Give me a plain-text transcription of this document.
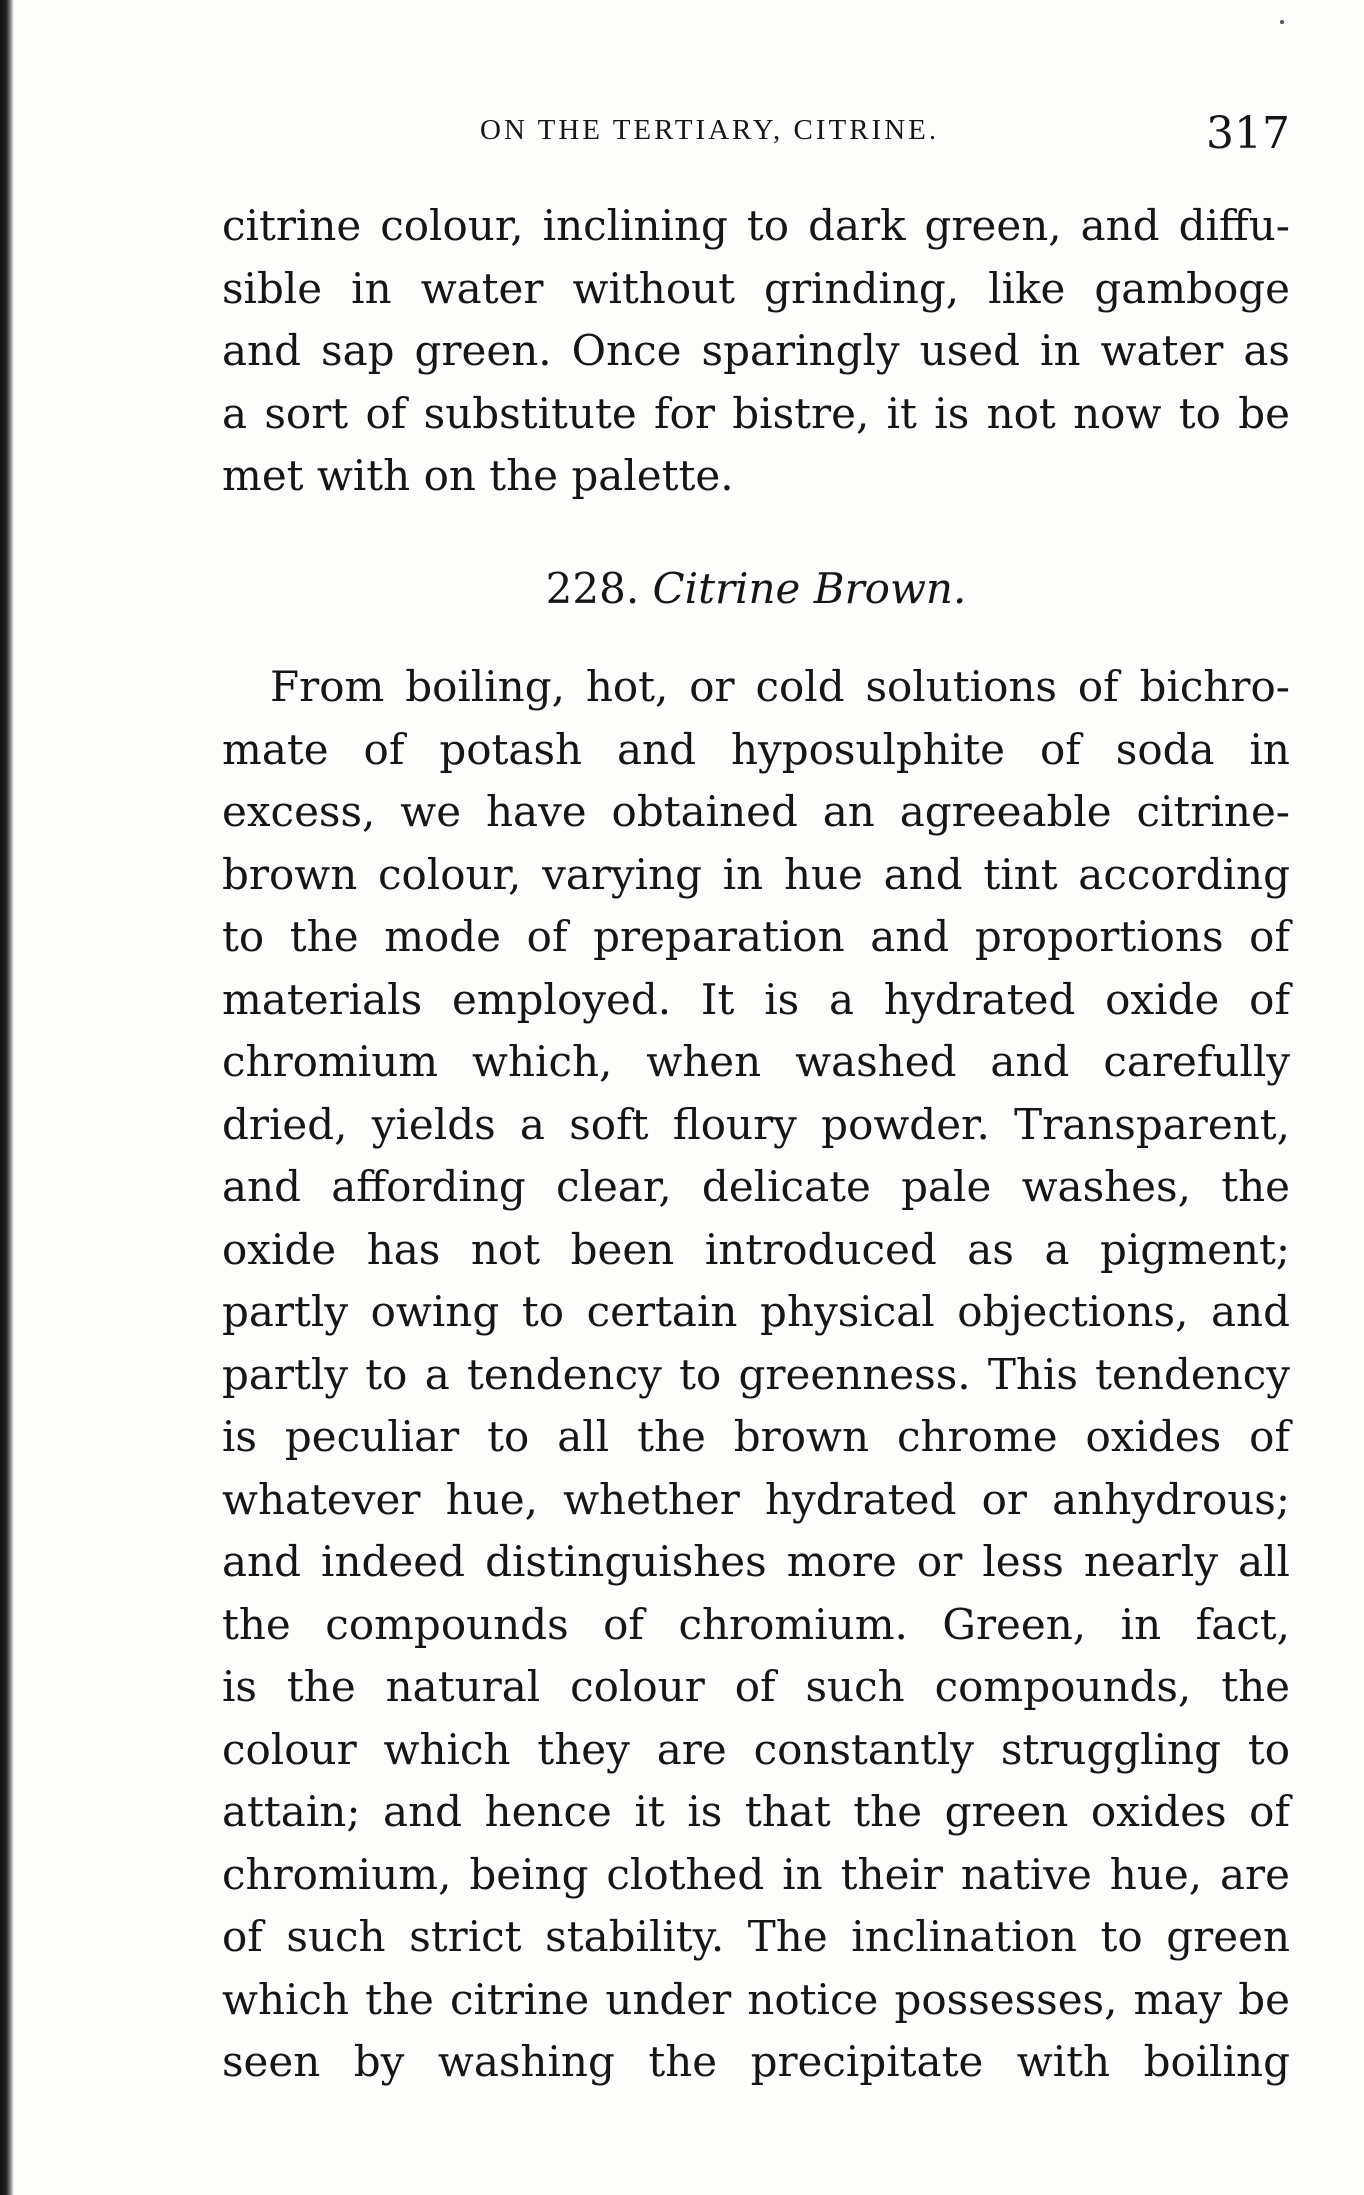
ON THE TERTIARY, CITRINE.	317
citrine colour, inclining to dark green, and diffu-
sible in water without grinding, like gamboge
and sap green. Once sparingly used in water as
a sort of substitute for bistre, it is not now to be
met with on the palette.
228. Citrine Brown.
From boiling, hot, or cold solutions of bichro-
mate of potash and hyposulphite of soda in
excess, we have obtained an agreeable citrine-
brown colour, varying in hue and tint according
to the mode of preparation and proportions of
materials employed. It is a hydrated oxide of
chromium which, when washed and carefully
dried, yields a soft floury powder. Transparent,
and affording clear, delicate pale washes, the
oxide has not been introduced as a pigment;
partly owing to certain physical objections, and
partly to a tendency to greenness. This tendency
is peculiar to all the brown chrome oxides of
whatever hue, whether hydrated or anhydrous;
and indeed distinguishes more or less nearly all
the compounds of chromium. Green, in fact,
is the natural colour of such compounds, the
colour which they are constantly struggling to
attain; and hence it is that the green oxides of
chromium, being clothed in their native hue, are
of such strict stability. The inclination to green
which the citrine under notice possesses, may be
seen by washing the precipitate with boiling
